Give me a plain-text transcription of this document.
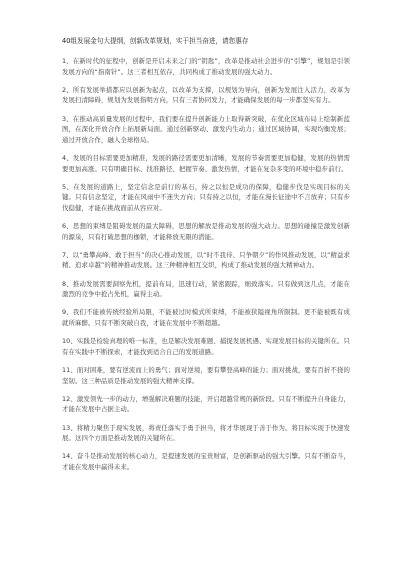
40组发展金句大提纲，创新改革规划，实干担当奋进，请您惠存

1、在新时代的征程中，创新是开启未来之门的“钥匙”，改革是推动社会进步的“引擎”，规划是引领发展方向的“指南针”。这三者相互依存，共同构成了推动发展的强大动力。

2、所有发展举措都应以创新为起点，以改革为支撑，以规划为导向，创新为发展注入活力，改革为发展扫清障碍，规划为发展指明方向，只有三者协同发力，才能确保发展的每一步都坚实有力。

3、在推动高质量发展的过程中，我们要在提升创新能力上取得新突破，在优化区域布局上绘制新蓝图，在深化开放合作上拓展新局面。通过创新驱动、激发内生动力；通过区域协调，实现均衡发展；通过开放合作，融入全球格局。

4、发展的目标需要更加精准，发展的路径需要更加清晰，发展的节奏需要更加稳健，发展的热情需要更加高涨。只有明确目标、找准路径、把握节奏、激发热情，才能在复杂多变的环境中稳步前行。

5、在发展的道路上，坚定信念是前行的基石，持之以恒是成功的保障，稳健步伐是实现目标的关键。只有信念坚定，才能在风雨中不迷失方向；只有持之以恒，才能在漫长征途中不言放弃；只有步伐稳健，才能在挑战面前从容应对。

6、思想的束缚是阻碍发展的最大障碍，思想的解放是推动发展的强大动力。思想的碰撞是激发创新的源泉，只有打破思想的枷锁，才能释放无限的潜能。

7、以“勇攀高峰、敢于担当”的决心推动发展，以“时不我待、只争朝夕”的作风推动发展，以“精益求精、追求卓越”的精神推动发展。这三种精神相互交织，构成了推动发展的强大精神动力。

8、推动发展需要洞察先机，提前布局，迅速行动，紧密跟踪，细致落实。只有做到这几点，才能在激烈的竞争中抢占先机，赢得主动。

9、我们不能被传统经验所局限，不能被过时模式所束缚，不能被狭隘视角所限制。更不能被既有成就所麻醉。只有不断突破自我，才能在发展中不断超越。

10、实践是检验真理的唯一标准，也是解决发展难题、捕捉发展机遇、实现发展目标的关键所在。只有在实践中不断探索，才能找到适合自己的发展道路。

11、面对困难，要有逆流而上的勇气；面对逆境，要有攀登高峰的能力；面对挑战，要有百折不挠的坚韧。这三种品质是推动发展的强大精神支撑。

12、激发领先一步的动力，增强解决难题的技能，开启超越常规的新阶段。只有不断提升自身能力，才能在发展中占据主动。

13、将精力聚焦于现实发展，将责任落实于勇于担当，将才华展现于善于作为。将目标实现于快速发展。这四个方面是推动发展的关键所在。

14、奋斗是推动发展的核心动力，是提速发展的宝贵财富，是创新驱动的强大引擎。只有不断奋斗，才能在发展中赢得未来。
